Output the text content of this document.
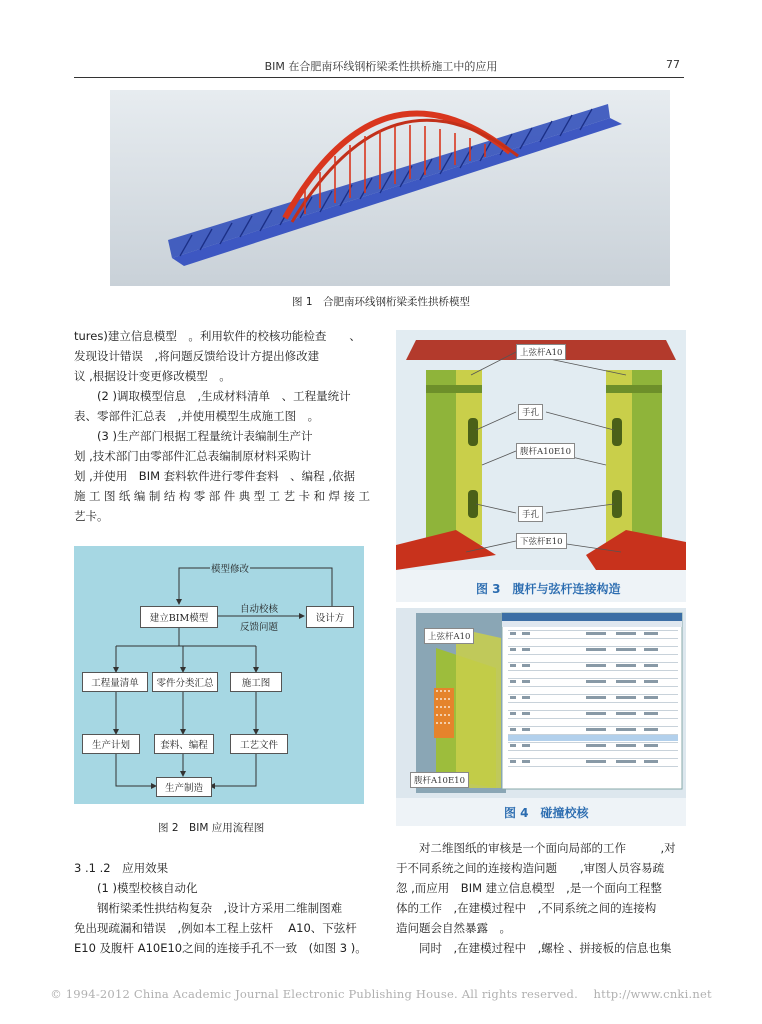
BIM 在合肥南环线钢桁梁柔性拱桥施工中的应用	77
图 1　合肥南环线钢桁梁柔性拱桥模型

tures)建立信息模型　。利用软件的校核功能检查　　、

发现设计错误　,将问题反馈给设计方提出修改建

议 ,根据设计变更修改模型　。

(2 )调取模型信息　,生成材料清单　、工程量统计

表、零部件汇总表　,并使用模型生成施工图　。

(3 )生产部门根据工程量统计表编制生产计

划 ,技术部门由零部件汇总表编制原材料采购计

划 ,并使用　BIM 套料软件进行零件套料　、编程 ,依据

施工图纸编制结构零部件典型工艺卡和焊接工

艺卡。

模型修改
建立BIM模型	设计方
自动校核
反馈问题
工程量清单	零件分类汇总	施工图
生产计划	套料、编程	工艺文件
生产制造
图 2　BIM 应用流程图

3 .1 .2　应用效果

(1 )模型校核自动化

钢桁梁柔性拱结构复杂　,设计方采用二维制图难

免出现疏漏和错误　,例如本工程上弦杆　 A10、下弦杆

E10 及腹杆 A10E10之间的连接手孔不一致　(如图 3 )。

上弦杆A10
手孔
腹杆A10E10
手孔
下弦杆E10
图 3　腹杆与弦杆连接构造
上弦杆A10
腹杆A10E10
图 4　碰撞校核

对二维图纸的审核是一个面向局部的工作　　　,对

于不同系统之间的连接构造问题　　,审图人员容易疏

忽 ,而应用　BIM 建立信息模型　,是一个面向工程整

体的工作　,在建模过程中　,不同系统之间的连接构

造问题会自然暴露　。

同时　,在建模过程中　,螺栓 、拼接板的信息也集

© 1994-2012 China Academic Journal Electronic Publishing House. All rights reserved.　 http://www.cnki.net
